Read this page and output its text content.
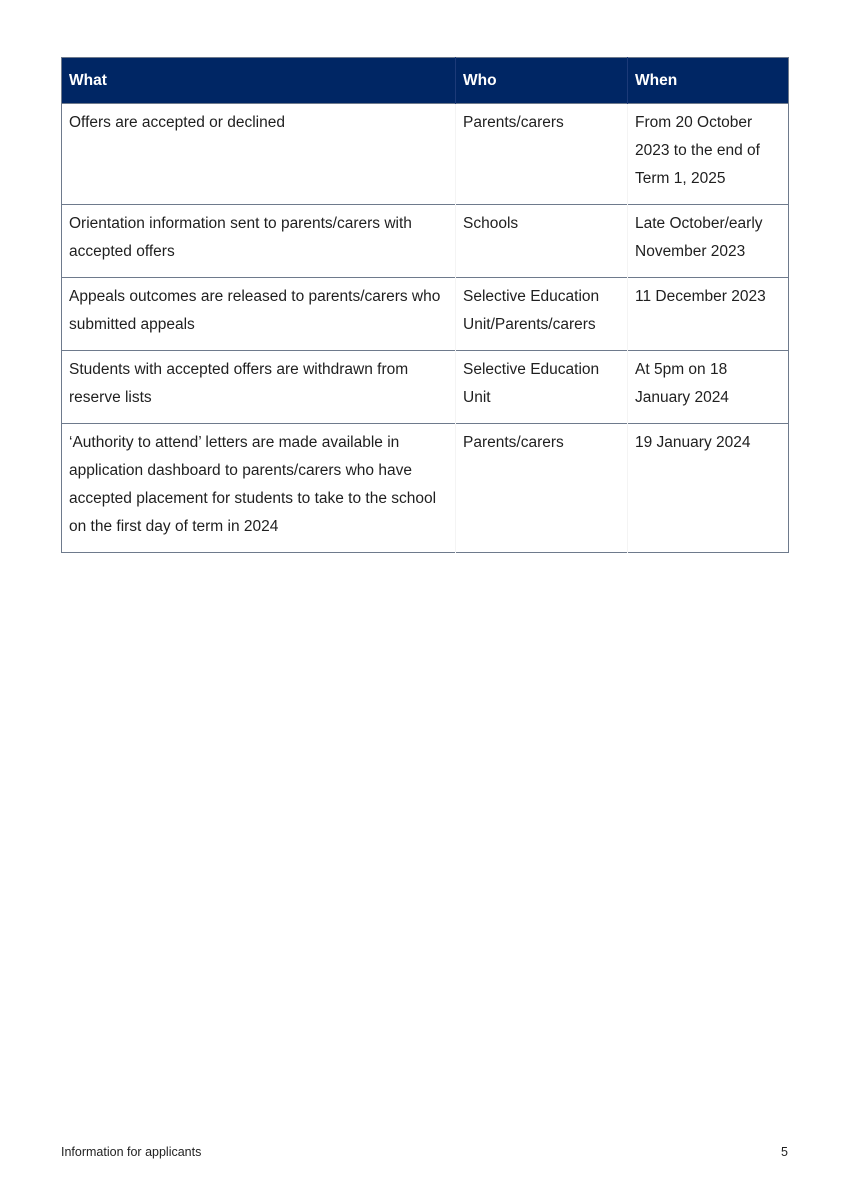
What	Who	When
Offers are accepted or declined	Parents/carers	From 20 October 2023 to the end of Term 1, 2025
Orientation information sent to parents/carers with accepted offers	Schools	Late October/early November 2023
Appeals outcomes are released to parents/carers who submitted appeals	Selective Education Unit/Parents/carers	11 December 2023
Students with accepted offers are withdrawn from reserve lists	Selective Education Unit	At 5pm on 18 January 2024
‘Authority to attend’ letters are made available in application dashboard to parents/carers who have accepted placement for students to take to the school on the first day of term in 2024	Parents/carers	19 January 2024
Information for applicants	5
